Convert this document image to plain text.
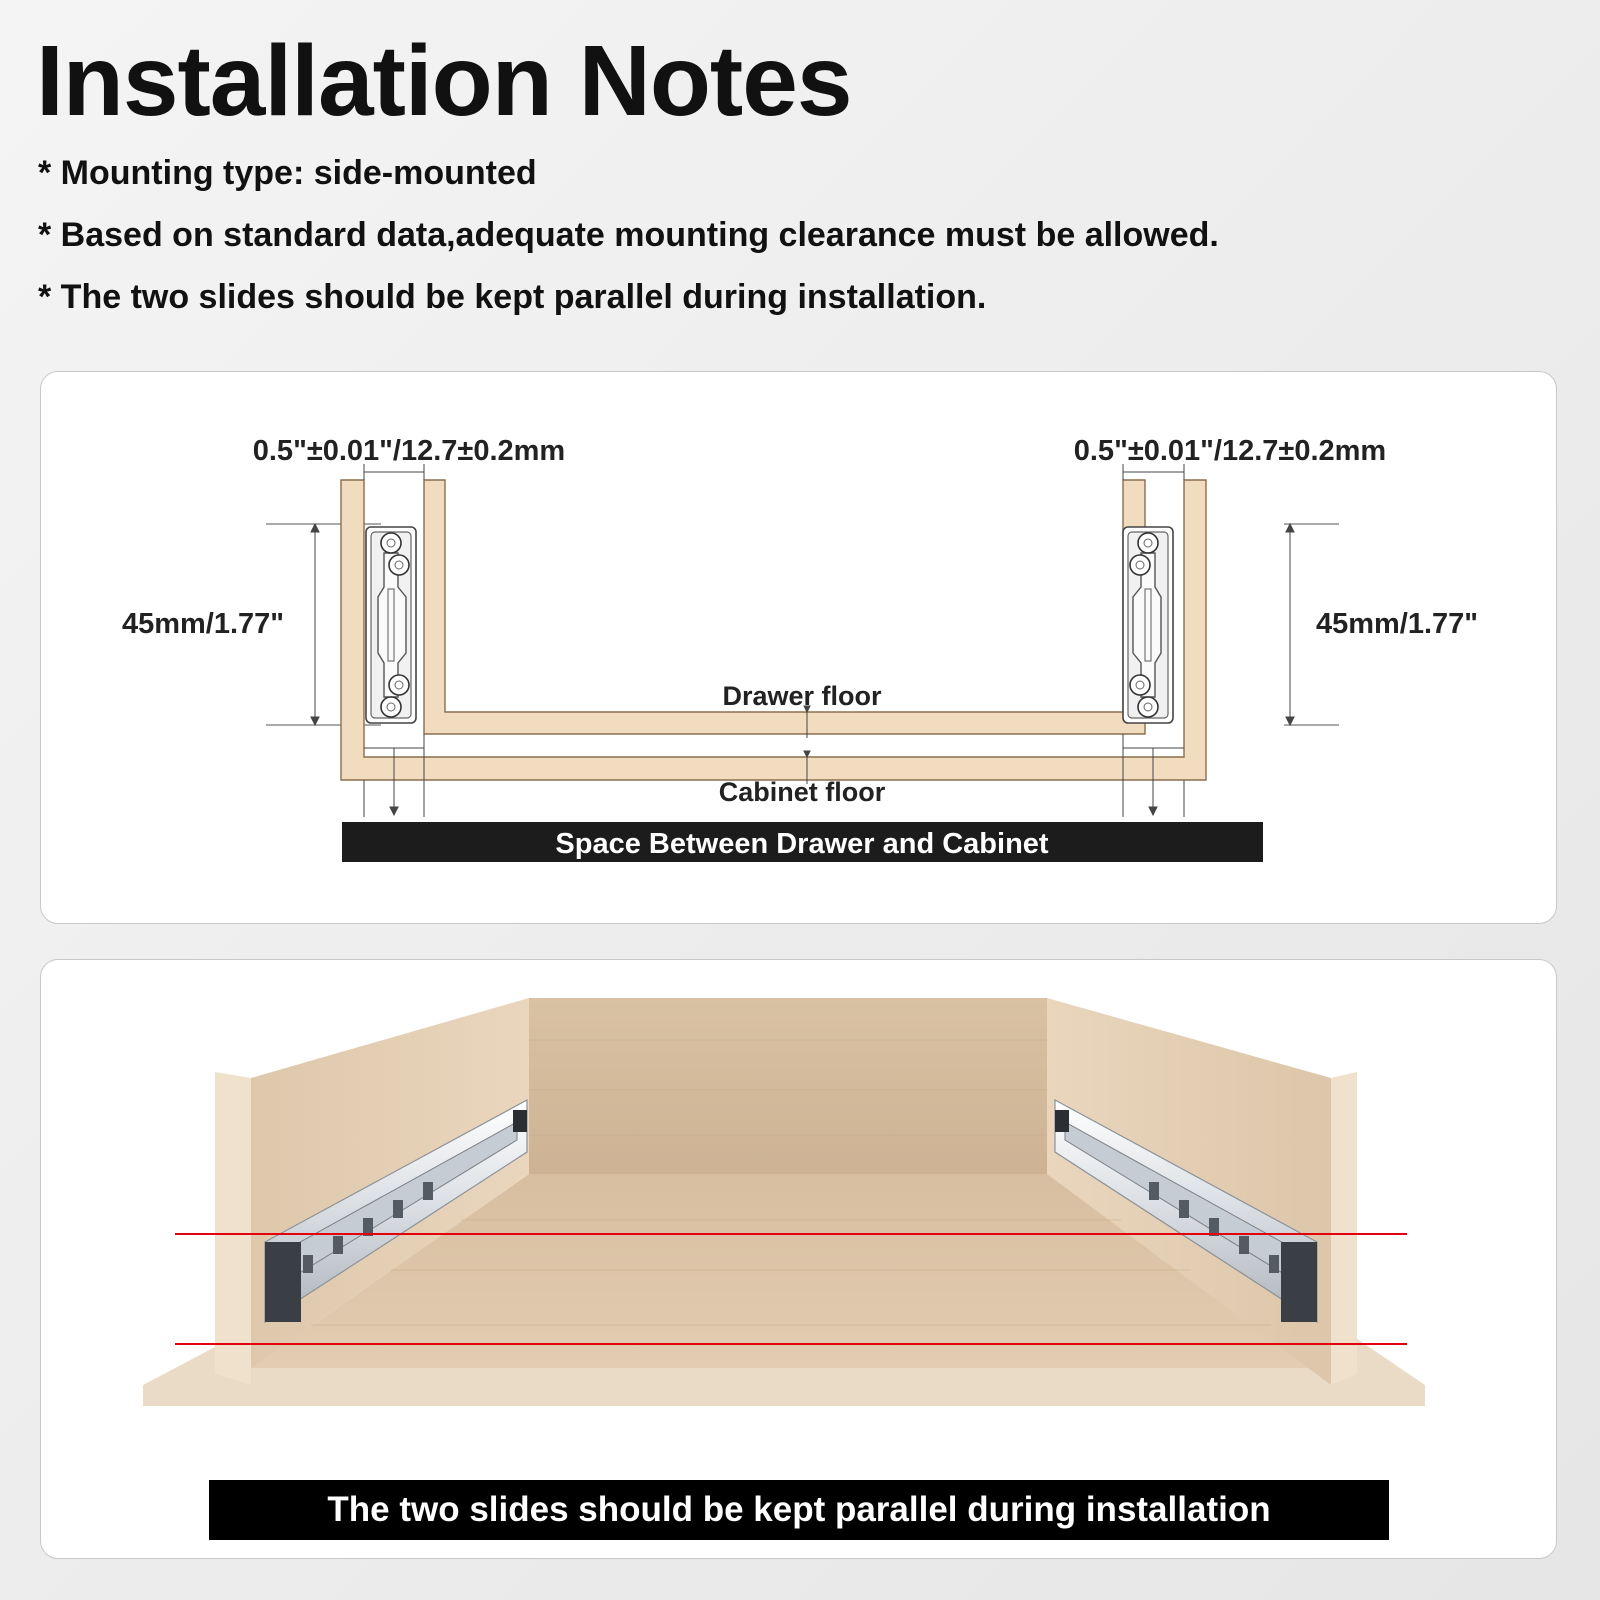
Installation Notes
* Mounting type: side-mounted
* Based on standard data,adequate mounting clearance must be allowed.
* The two slides should be kept parallel during installation.
0.5"±0.01"/12.7±0.2mm	0.5"±0.01"/12.7±0.2mm
45mm/1.77"	45mm/1.77"
Drawer floor
Cabinet floor
Space Between Drawer and Cabinet
The two slides should be kept parallel during installation
